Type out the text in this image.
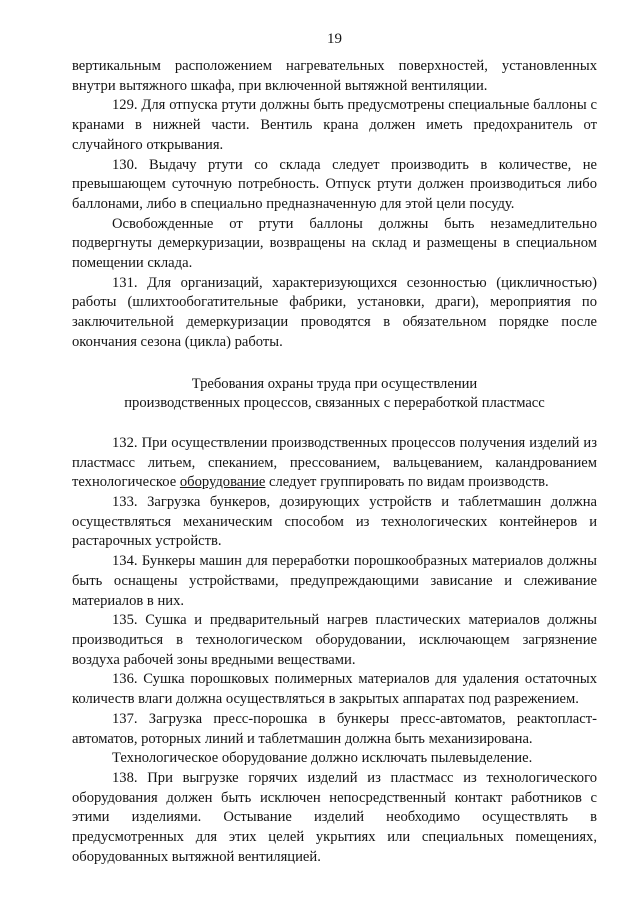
19

вертикальным расположением нагревательных поверхностей, установленных внутри вытяжного шкафа, при включенной вытяжной вентиляции.

129. Для отпуска ртути должны быть предусмотрены специальные баллоны с кранами в нижней части. Вентиль крана должен иметь предохранитель от случайного открывания.

130. Выдачу ртути со склада следует производить в количестве, не превышающем суточную потребность. Отпуск ртути должен производиться либо баллонами, либо в специально предназначенную для этой цели посуду.

Освобожденные от ртути баллоны должны быть незамедлительно подвергнуты демеркуризации, возвращены на склад и размещены в специальном помещении склада.

131. Для организаций, характеризующихся сезонностью (цикличностью) работы (шлихтообогатительные фабрики, установки, драги), мероприятия по заключительной демеркуризации проводятся в обязательном порядке после окончания сезона (цикла) работы.

Требования охраны труда при осуществлении
производственных процессов, связанных с переработкой пластмасс

132. При осуществлении производственных процессов получения изделий из пластмасс литьем, спеканием, прессованием, вальцеванием, каландрованием технологическое оборудование следует группировать по видам производств.

133. Загрузка бункеров, дозирующих устройств и таблетмашин должна осуществляться механическим способом из технологических контейнеров и растарочных устройств.

134. Бункеры машин для переработки порошкообразных материалов должны быть оснащены устройствами, предупреждающими зависание и слеживание материалов в них.

135. Сушка и предварительный нагрев пластических материалов должны производиться в технологическом оборудовании, исключающем загрязнение воздуха рабочей зоны вредными веществами.

136. Сушка порошковых полимерных материалов для удаления остаточных количеств влаги должна осуществляться в закрытых аппаратах под разрежением.

137. Загрузка пресс-порошка в бункеры пресс-автоматов, реактопласт-автоматов, роторных линий и таблетмашин должна быть механизирована.

Технологическое оборудование должно исключать пылевыделение.

138. При выгрузке горячих изделий из пластмасс из технологического оборудования должен быть исключен непосредственный контакт работников с этими изделиями. Остывание изделий необходимо осуществлять в предусмотренных для этих целей укрытиях или специальных помещениях, оборудованных вытяжной вентиляцией.
